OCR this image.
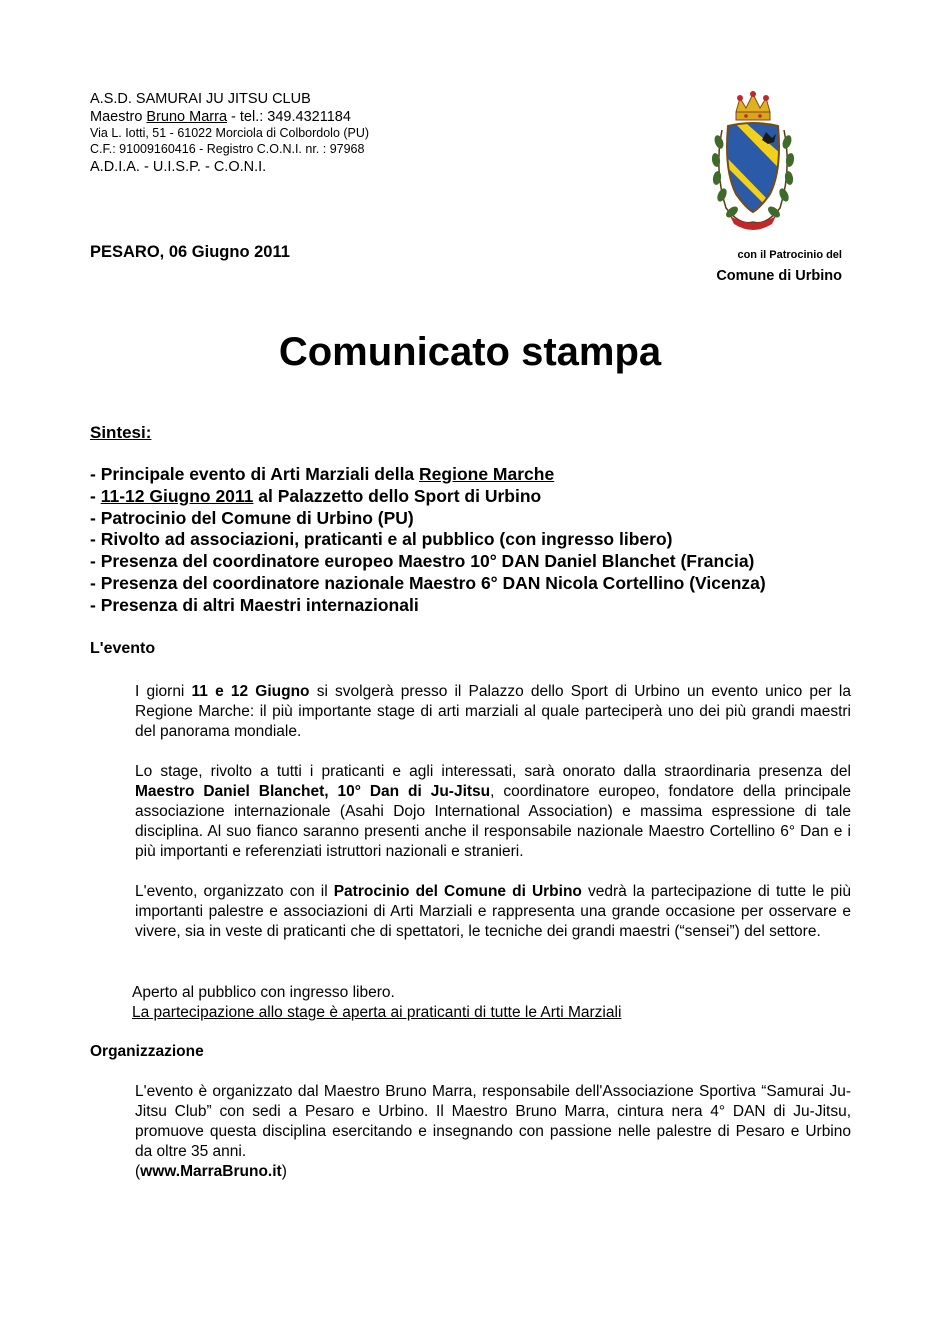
A.S.D. SAMURAI JU JITSU CLUB
Maestro Bruno Marra - tel.: 349.4321184
Via L. Iotti, 51 - 61022 Morciola di Colbordolo (PU)
C.F.: 91009160416 - Registro C.O.N.I. nr. : 97968
A.D.I.A. - U.I.S.P. - C.O.N.I.
PESARO, 06 Giugno 2011	con il Patrocinio del
Comune di Urbino
Comunicato stampa
Sintesi:
- Principale evento di Arti Marziali della Regione Marche
- 11-12 Giugno 2011 al Palazzetto dello Sport di Urbino
- Patrocinio del Comune di Urbino (PU)
- Rivolto ad associazioni, praticanti e al pubblico (con ingresso libero)
- Presenza del coordinatore europeo Maestro 10° DAN Daniel Blanchet (Francia)
- Presenza del coordinatore nazionale Maestro 6° DAN Nicola Cortellino (Vicenza)
- Presenza di altri Maestri internazionali
L'evento

I giorni 11 e 12 Giugno si svolgerà presso il Palazzo dello Sport di Urbino un evento unico per la Regione Marche: il più importante stage di arti marziali al quale parteciperà uno dei più grandi maestri del panorama mondiale.

Lo stage, rivolto a tutti i praticanti e agli interessati, sarà onorato dalla straordinaria presenza del Maestro Daniel Blanchet, 10° Dan di Ju-Jitsu, coordinatore europeo, fondatore della principale associazione internazionale (Asahi Dojo International Association) e massima espressione di tale disciplina. Al suo fianco saranno presenti anche il responsabile nazionale Maestro Cortellino 6° Dan e i più importanti e referenziati istruttori nazionali e stranieri.

L'evento, organizzato con il Patrocinio del Comune di Urbino vedrà la partecipazione di tutte le più importanti palestre e associazioni di Arti Marziali e rappresenta una grande occasione per osservare e vivere, sia in veste di praticanti che di spettatori, le tecniche dei grandi maestri (“sensei”) del settore.

Aperto al pubblico con ingresso libero.
La partecipazione allo stage è aperta ai praticanti di tutte le Arti Marziali
Organizzazione

L'evento è organizzato dal Maestro Bruno Marra, responsabile dell'Associazione Sportiva “Samurai Ju-Jitsu Club” con sedi a Pesaro e Urbino. Il Maestro Bruno Marra, cintura nera 4° DAN di Ju-Jitsu, promuove questa disciplina esercitando e insegnando con passione nelle palestre di Pesaro e Urbino da oltre 35 anni.
(www.MarraBruno.it)
